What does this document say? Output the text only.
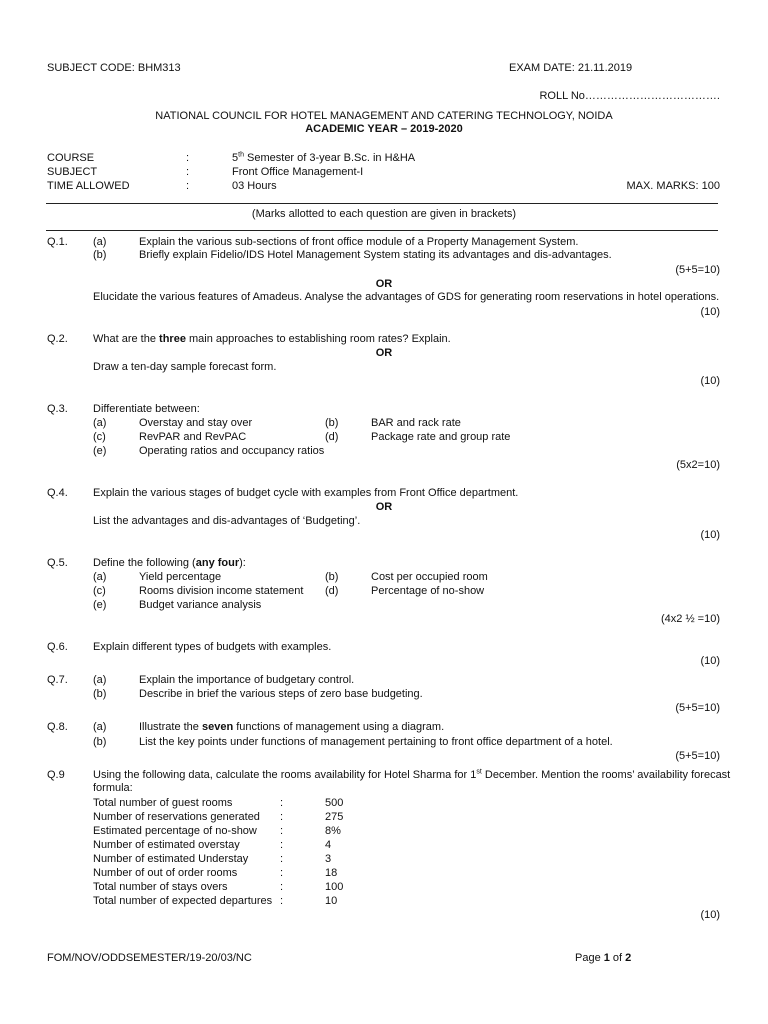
SUBJECT CODE: BHM313	EXAM DATE: 21.11.2019
ROLL No……………………………….
NATIONAL COUNCIL FOR HOTEL MANAGEMENT AND CATERING TECHNOLOGY, NOIDA
ACADEMIC YEAR – 2019-2020
COURSE	:	5th Semester of 3-year B.Sc. in H&HA
SUBJECT	:	Front Office Management-I
TIME ALLOWED	:	03 Hours	MAX. MARKS: 100
(Marks allotted to each question are given in brackets)
Q.1. (a)	Explain the various sub-sections of front office module of a Property Management System.
(b)	Briefly explain Fidelio/IDS Hotel Management System stating its advantages and dis-advantages.
(5+5=10)
OR
Elucidate the various features of Amadeus. Analyse the advantages of GDS for generating room reservations in hotel operations.
(10)
Q.2. What are the three main approaches to establishing room rates? Explain.
OR
Draw a ten-day sample forecast form.
(10)
Q.3. Differentiate between:
(a)	Overstay and stay over	(b)	BAR and rack rate
(c)	RevPAR and RevPAC	(d)	Package rate and group rate
(e)	Operating ratios and occupancy ratios
(5x2=10)
Q.4. Explain the various stages of budget cycle with examples from Front Office department.
OR
List the advantages and dis-advantages of ‘Budgeting’.
(10)
Q.5. Define the following (any four):
(a)	Yield percentage	(b)	Cost per occupied room
(c)	Rooms division income statement (d)	Percentage of no-show
(e)	Budget variance analysis
(4x2 ½ =10)
Q.6. Explain different types of budgets with examples.
(10)
Q.7. (a)	Explain the importance of budgetary control.
(b)	Describe in brief the various steps of zero base budgeting.
(5+5=10)
Q.8. (a)	Illustrate the seven functions of management using a diagram.
(b)	List the key points under functions of management pertaining to front office department of a hotel.
(5+5=10)
Q.9	Using the following data, calculate the rooms availability for Hotel Sharma for 1st December. Mention the rooms’ availability forecast
formula:
Total number of guest rooms	:	500
Number of reservations generated :	275
Estimated percentage of no-show :	8%
Number of estimated overstay	:	4
Number of estimated Understay	:	3
Number of out of order rooms	:	18
Total number of stays overs	:	100
Total number of expected departures :	10
(10)
FOM/NOV/ODDSEMESTER/19-20/03/NC	Page 1 of 2
